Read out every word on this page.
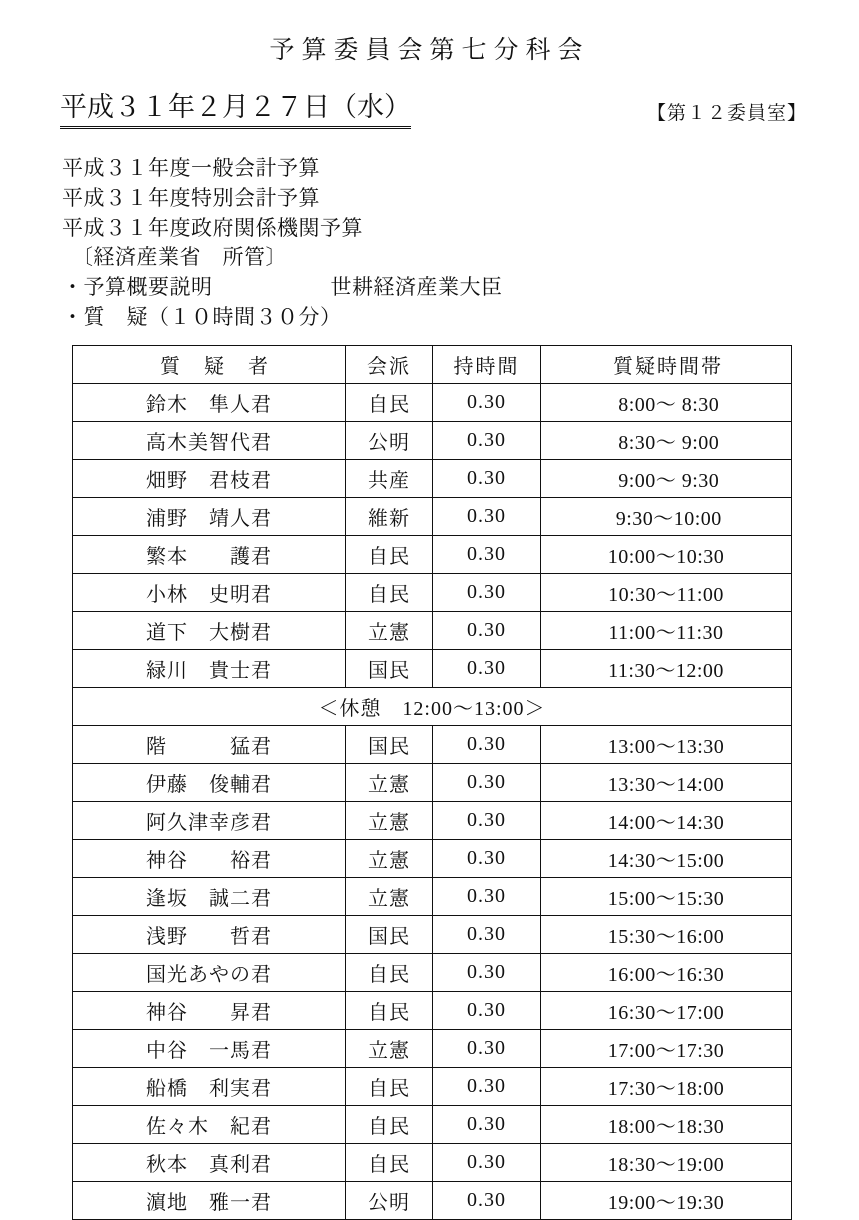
予算委員会第七分科会
平成３１年２月２７日（水）	【第１２委員室】
平成３１年度一般会計予算
平成３１年度特別会計予算
平成３１年度政府関係機関予算
〔経済産業省　所管〕
・予算概要説明	世耕経済産業大臣
・質　疑（１０時間３０分）
質　疑　者	会派	持時間	質疑時間帯
鈴木　隼人君	自民	0.30	8:00～ 8:30
高木美智代君	公明	0.30	8:30～ 9:00
畑野　君枝君	共産	0.30	9:00～ 9:30
浦野　靖人君	維新	0.30	9:30～10:00
繁本　　護君	自民	0.30	10:00～10:30
小林　史明君	自民	0.30	10:30～11:00
道下　大樹君	立憲	0.30	11:00～11:30
緑川　貴士君	国民	0.30	11:30～12:00
＜休憩　12:00～13:00＞			
階　　　猛君	国民	0.30	13:00～13:30
伊藤　俊輔君	立憲	0.30	13:30～14:00
阿久津幸彦君	立憲	0.30	14:00～14:30
神谷　　裕君	立憲	0.30	14:30～15:00
逢坂　誠二君	立憲	0.30	15:00～15:30
浅野　　哲君	国民	0.30	15:30～16:00
国光あやの君	自民	0.30	16:00～16:30
神谷　　昇君	自民	0.30	16:30～17:00
中谷　一馬君	立憲	0.30	17:00～17:30
船橋　利実君	自民	0.30	17:30～18:00
佐々木　紀君	自民	0.30	18:00～18:30
秋本　真利君	自民	0.30	18:30～19:00
濵地　雅一君	公明	0.30	19:00～19:30
